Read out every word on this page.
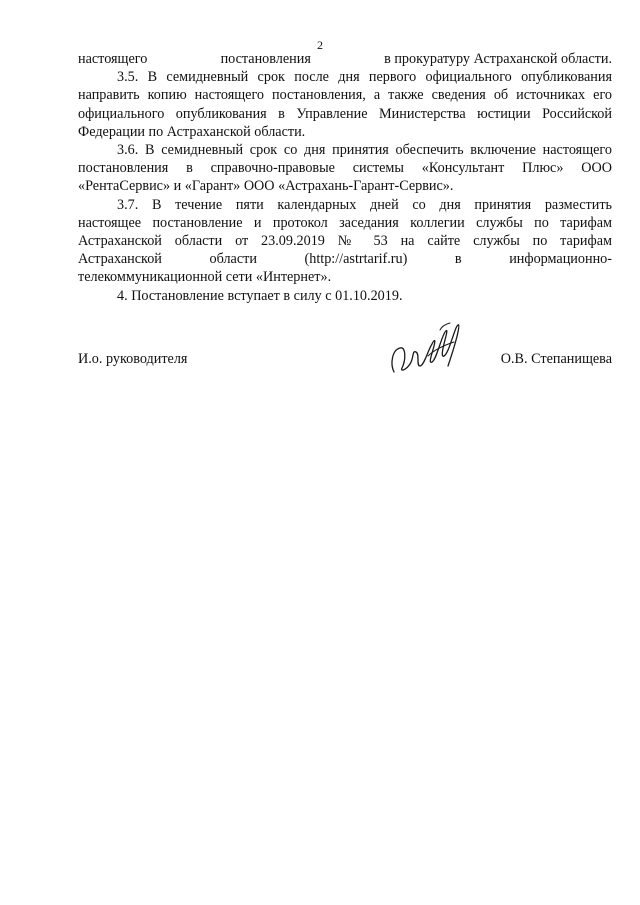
2
настоящего	постановления	в прокуратуру Астраханской области.

3.5. В семидневный срок после дня первого официального опубликования направить копию настоящего постановления, а также сведения об источниках его официального опубликования в Управление Министерства юстиции Российской Федерации по Астраханской области.

3.6. В семидневный срок со дня принятия обеспечить включение настоящего постановления в справочно-правовые системы «Консультант Плюс» ООО «РентаСервис» и «Гарант» ООО «Астрахань-Гарант-Сервис».

3.7. В течение пяти календарных дней со дня принятия разместить
настоящее постановление и протокол заседания коллегии службы по тарифам
Астраханской области от 23.09.2019 № 53 на сайте службы по тарифам
Астраханской	области	(http://astrtarif.ru)	в	информационно-
телекоммуникационной сети «Интернет».

4. Постановление вступает в силу с 01.10.2019.

И.о. руководителя	О.В. Степанищева
